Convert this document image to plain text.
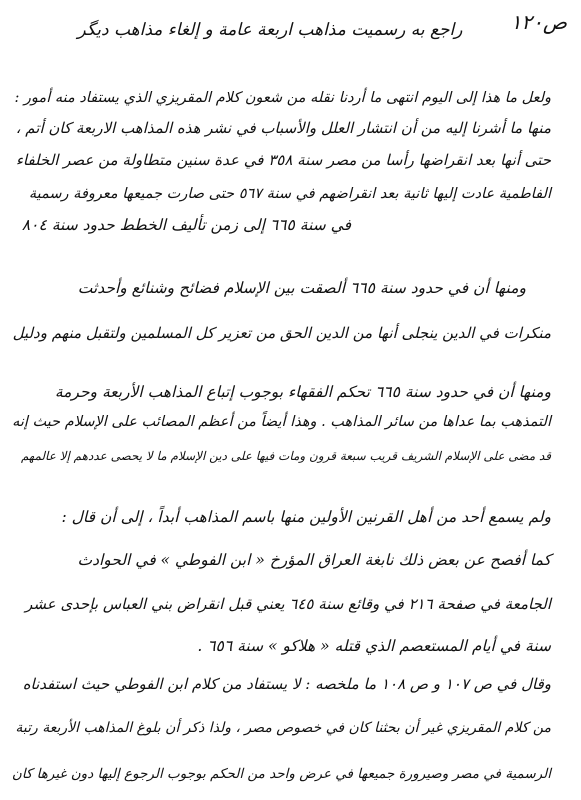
ص١٢٠
راجع به رسميت مذاهب اربعة عامة و إلغاء مذاهب ديگر
ولعل ما هذا إلى اليوم انتهى ما أردنا نقله من شعون كلام المقريزي الذي يستفاد منه أمور :
منها ما أشرنا إليه من أن انتشار العلل والأسباب في نشر هذه المذاهب الاربعة كان أتم ،
حتى أنها بعد انقراضها رأسا من مصر سنة ٣٥٨ في عدة سنين متطاولة من عصر الخلفاء
الفاطمية عادت إليها ثانية بعد انقراضهم في سنة ٥٦٧ حتى صارت جميعها معروفة رسمية
في سنة ٦٦٥ إلى زمن تأليف الخطط حدود سنة ٨٠٤
ومنها أن في حدود سنة ٦٦٥ ألصقت بين الإسلام فضائح وشنائع وأحدثت
منكرات في الدين ينجلى أنها من الدين الحق من تعزير كل المسلمين ولتقبل منهم ودليل
ومنها أن في حدود سنة ٦٦٥ تحكم الفقهاء بوجوب إتباع المذاهب الأربعة وحرمة
التمذهب بما عداها من سائر المذاهب . وهذا أيضاً من أعظم المصائب على الإسلام حيث إنه
قد مضى على الإسلام الشريف قريب سبعة قرون ومات فيها على دين الإسلام ما لا يحصى عددهم إلا عالمهم
ولم يسمع أحد من أهل القرنين الأولين منها باسم المذاهب أبداً ، إلى أن قال :
كما أفصح عن بعض ذلك نابغة العراق المؤرخ « ابن الفوطي » في الحوادث
الجامعة في صفحة ٢١٦ في وقائع سنة ٦٤٥ يعني قبل انقراض بني العباس بإحدى عشر
سنة في أيام المستعصم الذي قتله « هلاكو » سنة ٦٥٦ .
وقال في ص ١٠٧ و ص ١٠٨ ما ملخصه : لا يستفاد من كلام ابن الفوطي حيث استفدناه
من كلام المقريزي غير أن بحثنا كان في خصوص مصر ، ولذا ذكر أن بلوغ المذاهب الأربعة رتبة
الرسمية في مصر وصيرورة جميعها في عرض واحد من الحكم بوجوب الرجوع إليها دون غيرها كان
